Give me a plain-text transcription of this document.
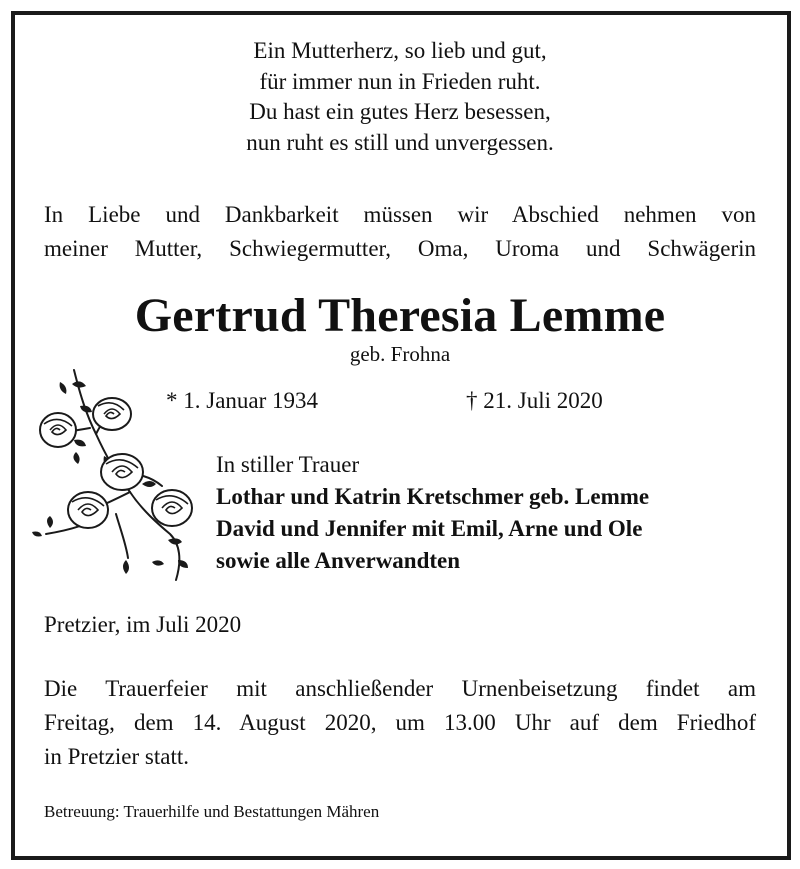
Ein Mutterherz, so lieb und gut,
für immer nun in Frieden ruht.
Du hast ein gutes Herz besessen,
nun ruht es still und unvergessen.
In Liebe und Dankbarkeit müssen wir Abschied nehmen von
meiner Mutter, Schwiegermutter, Oma, Uroma und Schwägerin
Gertrud Theresia Lemme
geb. Frohna
* 1. Januar 1934	† 21. Juli 2020
In stiller Trauer
Lothar und Katrin Kretschmer geb. Lemme
David und Jennifer mit Emil, Arne und Ole
sowie alle Anverwandten
Pretzier, im Juli 2020
Die Trauerfeier mit anschließender Urnenbeisetzung findet am
Freitag, dem 14. August 2020, um 13.00 Uhr auf dem Friedhof
in Pretzier statt.
Betreuung: Trauerhilfe und Bestattungen Mähren
